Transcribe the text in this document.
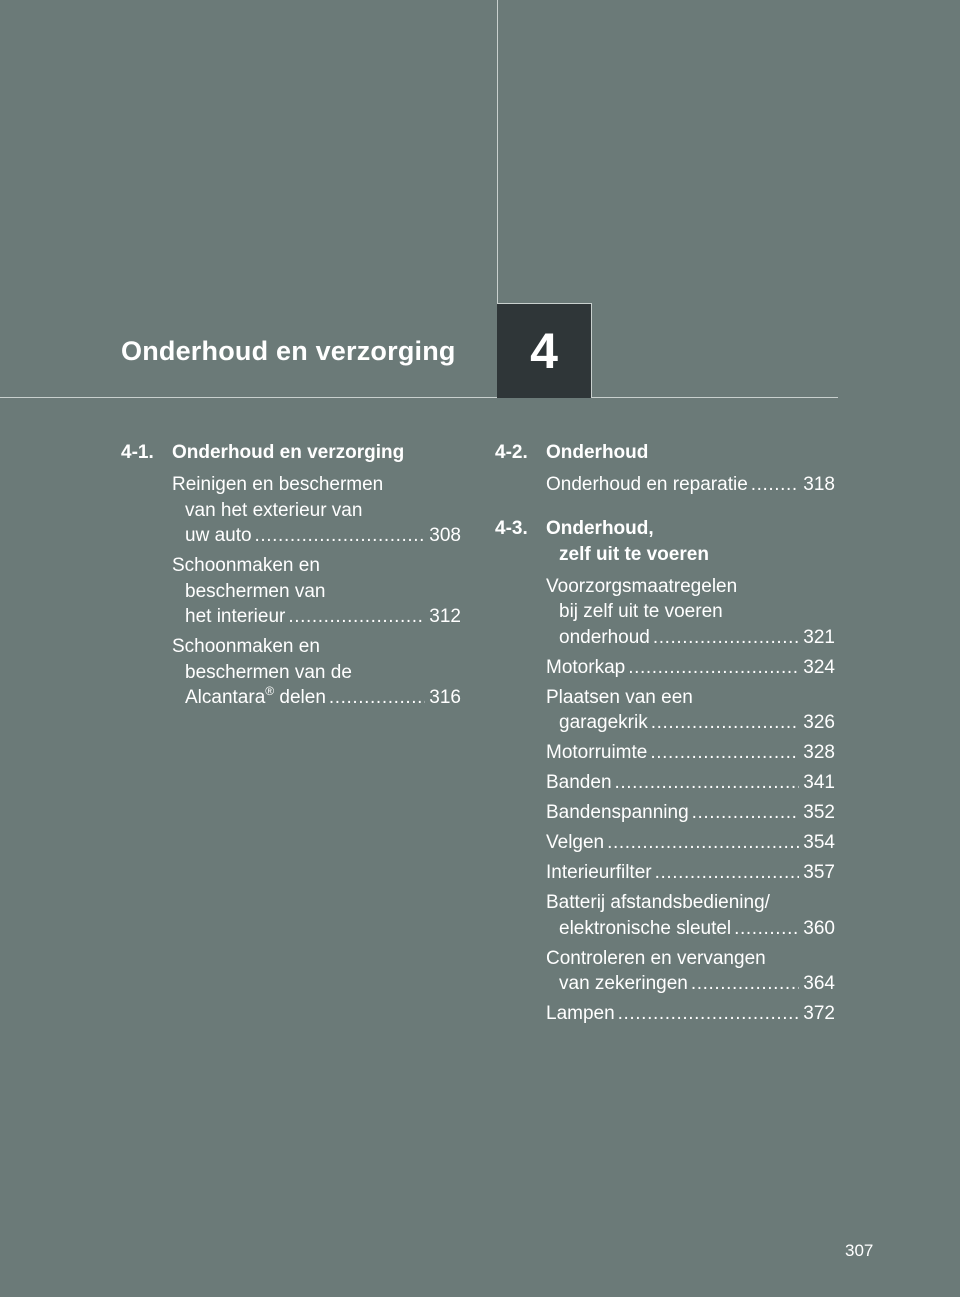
Onderhoud en verzorging 4
4-1. Onderhoud en verzorging
Reinigen en beschermen
van het exterieur van
uw auto .....	308
Schoonmaken en
beschermen van
het interieur .....	312
Schoonmaken en
beschermen van de
Alcantara® delen .....	316
4-2. Onderhoud
Onderhoud en reparatie .....	318
4-3. Onderhoud,
zelf uit te voeren
Voorzorgsmaatregelen
bij zelf uit te voeren
onderhoud .....	321
Motorkap .....	324
Plaatsen van een
garagekrik .....	326
Motorruimte .....	328
Banden .....	341
Bandenspanning .....	352
Velgen .....	354
Interieurfilter .....	357
Batterij afstandsbediening/
elektronische sleutel .....	360
Controleren en vervangen
van zekeringen .....	364
Lampen .....	372
307
